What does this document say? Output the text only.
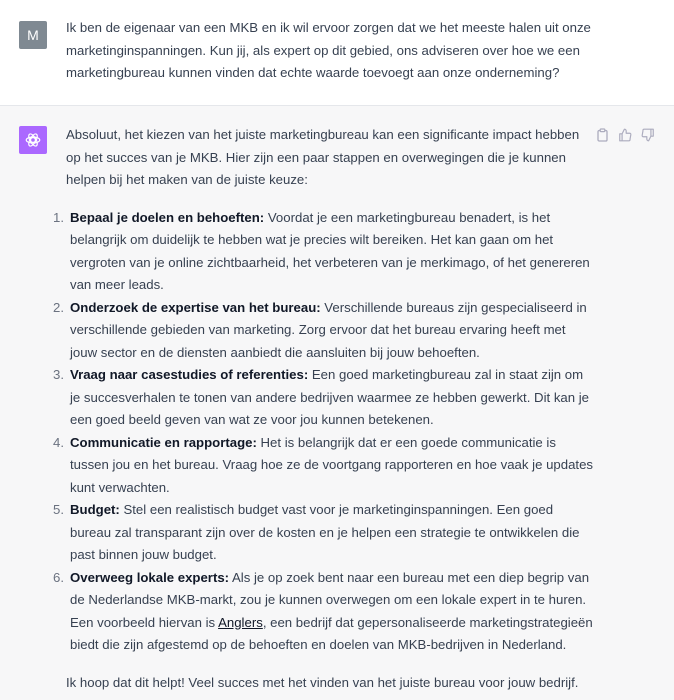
M	Ik ben de eigenaar van een MKB en ik wil ervoor zorgen dat we het meeste halen uit onze marketinginspanningen. Kun jij, als expert op dit gebied, ons adviseren over hoe we een marketingbureau kunnen vinden dat echte waarde toevoegt aan onze onderneming?

Absoluut, het kiezen van het juiste marketingbureau kan een significante impact hebben op het succes van je MKB. Hier zijn een paar stappen en overwegingen die je kunnen helpen bij het maken van de juiste keuze:

1. Bepaal je doelen en behoeften: Voordat je een marketingbureau benadert, is het belangrijk om duidelijk te hebben wat je precies wilt bereiken. Het kan gaan om het vergroten van je online zichtbaarheid, het verbeteren van je merkimago, of het genereren van meer leads.
2. Onderzoek de expertise van het bureau: Verschillende bureaus zijn gespecialiseerd in verschillende gebieden van marketing. Zorg ervoor dat het bureau ervaring heeft met jouw sector en de diensten aanbiedt die aansluiten bij jouw behoeften.
3. Vraag naar casestudies of referenties: Een goed marketingbureau zal in staat zijn om je succesverhalen te tonen van andere bedrijven waarmee ze hebben gewerkt. Dit kan je een goed beeld geven van wat ze voor jou kunnen betekenen.
4. Communicatie en rapportage: Het is belangrijk dat er een goede communicatie is tussen jou en het bureau. Vraag hoe ze de voortgang rapporteren en hoe vaak je updates kunt verwachten.
5. Budget: Stel een realistisch budget vast voor je marketinginspanningen. Een goed bureau zal transparant zijn over de kosten en je helpen een strategie te ontwikkelen die past binnen jouw budget.
6. Overweeg lokale experts: Als je op zoek bent naar een bureau met een diep begrip van de Nederlandse MKB-markt, zou je kunnen overwegen om een lokale expert in te huren. Een voorbeeld hiervan is Anglers, een bedrijf dat gepersonaliseerde marketingstrategieën biedt die zijn afgestemd op de behoeften en doelen van MKB-bedrijven in Nederland.

Ik hoop dat dit helpt! Veel succes met het vinden van het juiste bureau voor jouw bedrijf.
